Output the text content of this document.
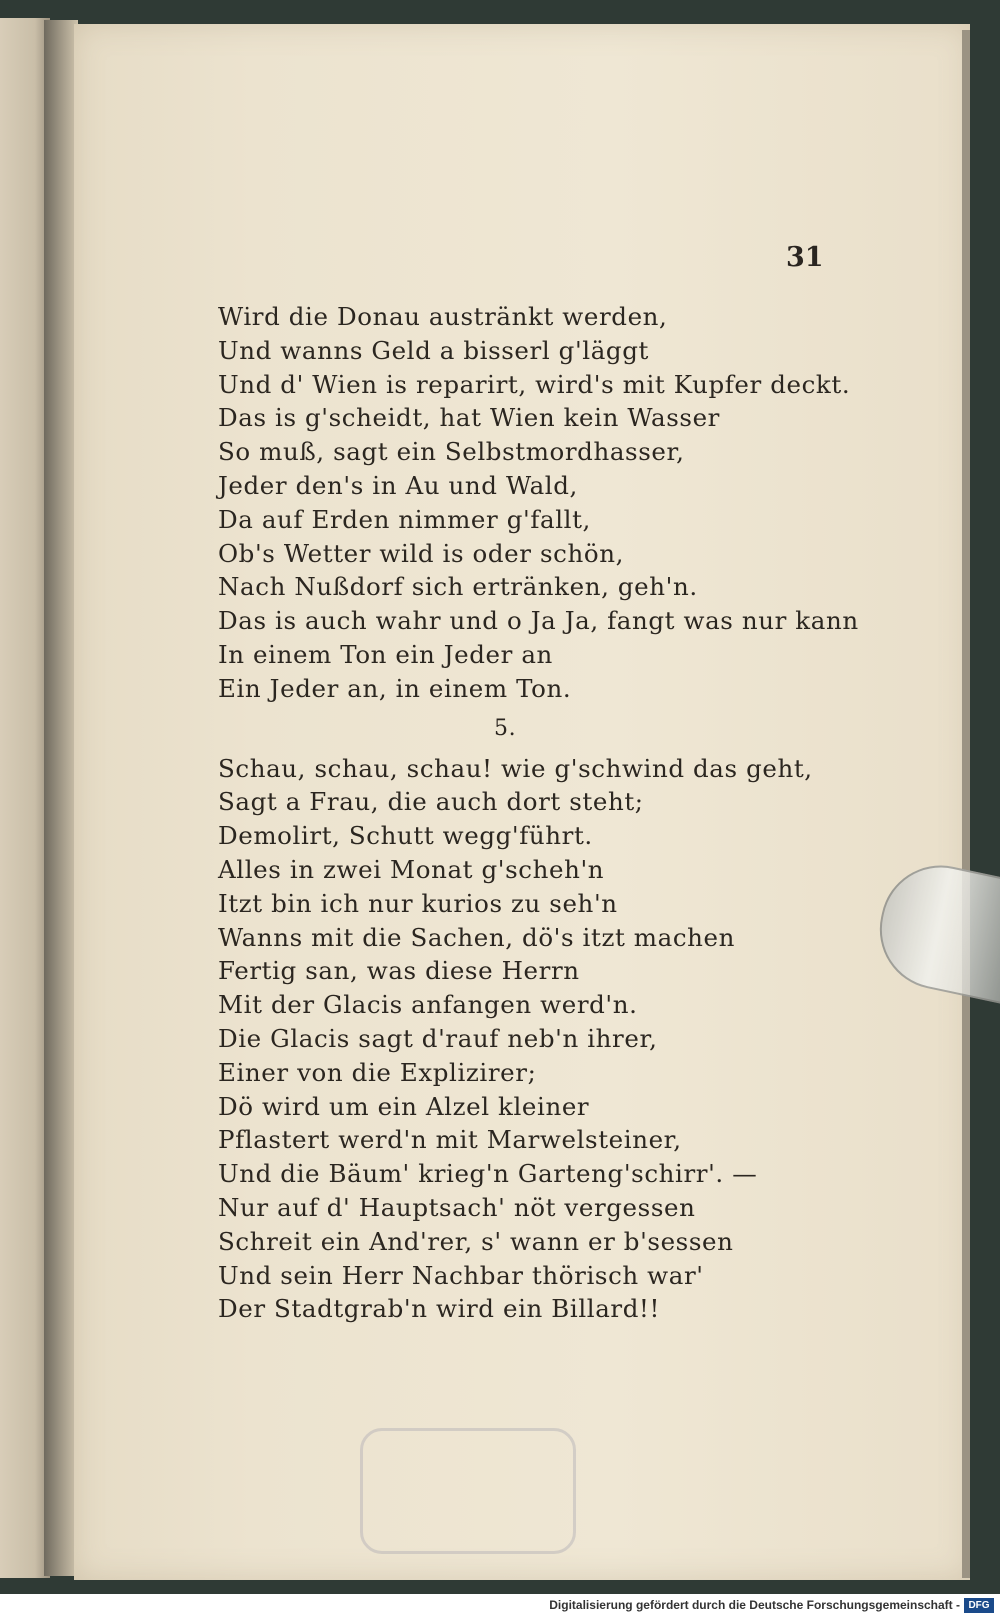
31
Wird die Donau austränkt werden,
Und wanns Geld a bisserl g'läggt
Und d' Wien is reparirt, wird's mit Kupfer deckt.
Das is g'scheidt, hat Wien kein Wasser
So muß, sagt ein Selbstmordhasser,
Jeder den's in Au und Wald,
Da auf Erden nimmer g'fallt,
Ob's Wetter wild is oder schön,
Nach Nußdorf sich ertränken, geh'n.
Das is auch wahr und o Ja Ja, fangt was nur kann
In einem Ton ein Jeder an
Ein Jeder an, in einem Ton.
5.
Schau, schau, schau! wie g'schwind das geht,
Sagt a Frau, die auch dort steht;
Demolirt, Schutt wegg'führt.
Alles in zwei Monat g'scheh'n
Itzt bin ich nur kurios zu seh'n
Wanns mit die Sachen, dö's itzt machen
Fertig san, was diese Herrn
Mit der Glacis anfangen werd'n.
Die Glacis sagt d'rauf neb'n ihrer,
Einer von die Explizirer;
Dö wird um ein Alzel kleiner
Pflastert werd'n mit Marwelsteiner,
Und die Bäum' krieg'n Garteng'schirr'. —
Nur auf d' Hauptsach' nöt vergessen
Schreit ein And'rer, s' wann er b'sessen
Und sein Herr Nachbar thörisch war'
Der Stadtgrab'n wird ein Billard!!
Digitalisierung gefördert durch die Deutsche Forschungsgemeinschaft - DFG
